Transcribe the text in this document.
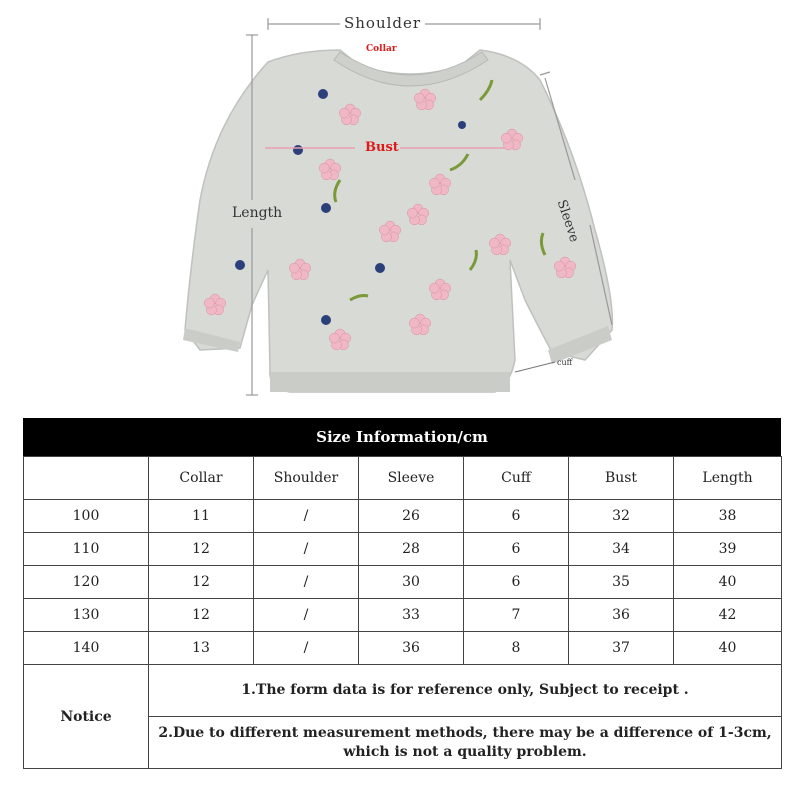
Shoulder
Collar
Bust
Length	Sleeve
cuff
Size Information/cm
	Collar	Shoulder	Sleeve	Cuff	Bust	Length
100	11	/	26	6	32	38
110	12	/	28	6	34	39
120	12	/	30	6	35	40
130	12	/	33	7	36	42
140	13	/	36	8	37	40
Notice	1.The form data is for reference only, Subject to receipt .					
	2.Due to different measurement methods, there may be a difference of 1-3cm, which is not a quality problem.					
